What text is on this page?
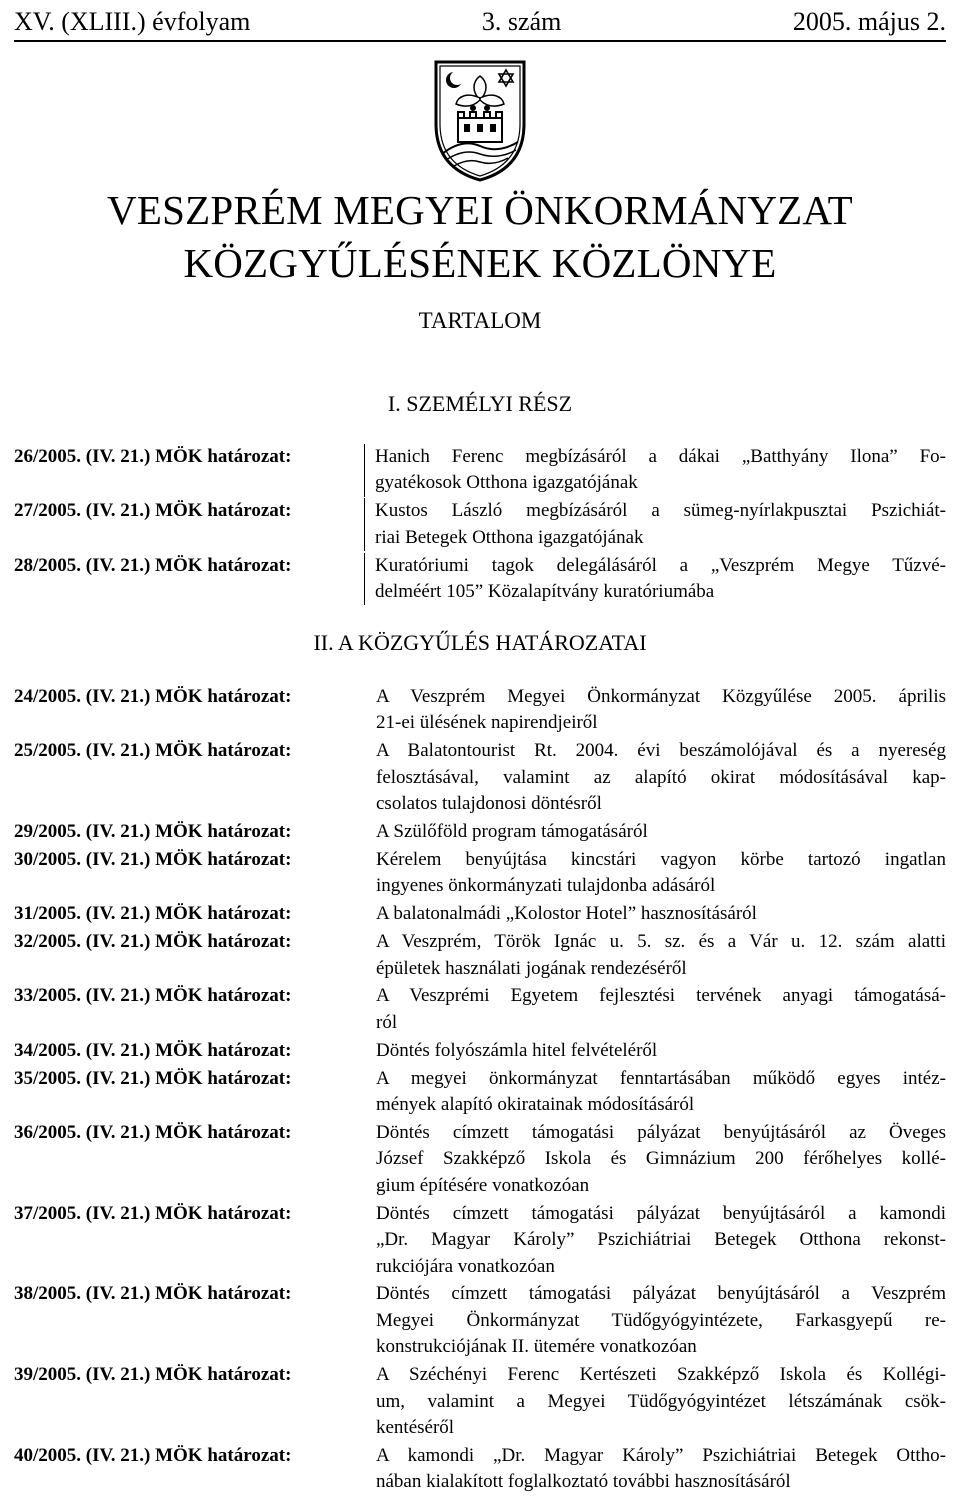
XV. (XLIII.) évfolyam	3. szám	2005. május 2.
VESZPRÉM MEGYEI ÖNKORMÁNYZAT
KÖZGYŰLÉSÉNEK KÖZLÖNYE
TARTALOM
I. SZEMÉLYI RÉSZ
26/2005. (IV. 21.) MÖK határozat:	Hanich Ferenc megbízásáról a dákai „Batthyány Ilona” Fo-
gyatékosok Otthona igazgatójának
27/2005. (IV. 21.) MÖK határozat:	Kustos László megbízásáról a sümeg-nyírlakpusztai Pszichiát-
riai Betegek Otthona igazgatójának
28/2005. (IV. 21.) MÖK határozat:	Kuratóriumi tagok delegálásáról a „Veszprém Megye Tűzvé-
delméért 105” Közalapítvány kuratóriumába
II. A KÖZGYŰLÉS HATÁROZATAI
24/2005. (IV. 21.) MÖK határozat:	A Veszprém Megyei Önkormányzat Közgyűlése 2005. április
21-ei ülésének napirendjeiről
25/2005. (IV. 21.) MÖK határozat:	A Balatontourist Rt. 2004. évi beszámolójával és a nyereség
felosztásával, valamint az alapító okirat módosításával kap-
csolatos tulajdonosi döntésről
29/2005. (IV. 21.) MÖK határozat:	A Szülőföld program támogatásáról
30/2005. (IV. 21.) MÖK határozat:	Kérelem benyújtása kincstári vagyon körbe tartozó ingatlan
ingyenes önkormányzati tulajdonba adásáról
31/2005. (IV. 21.) MÖK határozat:	A balatonalmádi „Kolostor Hotel” hasznosításáról
32/2005. (IV. 21.) MÖK határozat:	A Veszprém, Török Ignác u. 5. sz. és a Vár u. 12. szám alatti
épületek használati jogának rendezéséről
33/2005. (IV. 21.) MÖK határozat:	A Veszprémi Egyetem fejlesztési tervének anyagi támogatásá-
ról
34/2005. (IV. 21.) MÖK határozat:	Döntés folyószámla hitel felvételéről
35/2005. (IV. 21.) MÖK határozat:	A megyei önkormányzat fenntartásában működő egyes intéz-
mények alapító okiratainak módosításáról
36/2005. (IV. 21.) MÖK határozat:	Döntés címzett támogatási pályázat benyújtásáról az Öveges
József Szakképző Iskola és Gimnázium 200 férőhelyes kollé-
gium építésére vonatkozóan
37/2005. (IV. 21.) MÖK határozat:	Döntés címzett támogatási pályázat benyújtásáról a kamondi
„Dr. Magyar Károly” Pszichiátriai Betegek Otthona rekonst-
rukciójára vonatkozóan
38/2005. (IV. 21.) MÖK határozat:	Döntés címzett támogatási pályázat benyújtásáról a Veszprém
Megyei Önkormányzat Tüdőgyógyintézete, Farkasgyepű re-
konstrukciójának II. ütemére vonatkozóan
39/2005. (IV. 21.) MÖK határozat:	A Széchényi Ferenc Kertészeti Szakképző Iskola és Kollégi-
um, valamint a Megyei Tüdőgyógyintézet létszámának csök-
kentéséről
40/2005. (IV. 21.) MÖK határozat:	A kamondi „Dr. Magyar Károly” Pszichiátriai Betegek Ottho-
nában kialakított foglalkoztató további hasznosításáról
